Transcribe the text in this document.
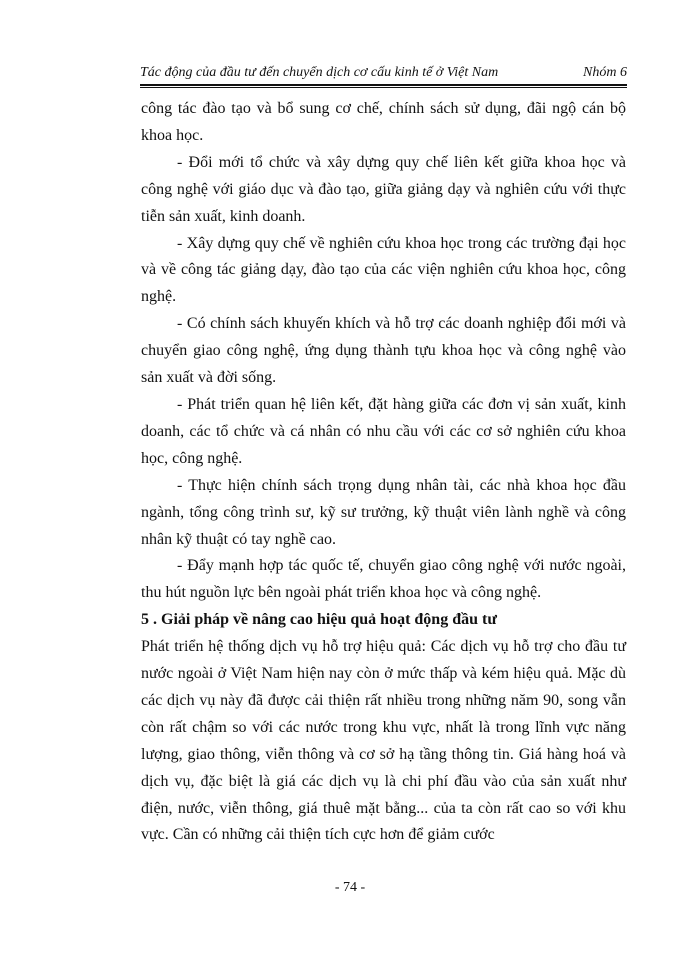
Tác động của đầu tư đến chuyển dịch cơ cấu kinh tế ở Việt Nam	Nhóm 6

công tác đào tạo và bổ sung cơ chế, chính sách sử dụng, đãi ngộ cán bộ khoa học.

- Đổi mới tổ chức và xây dựng quy chế liên kết giữa khoa học và công nghệ với giáo dục và đào tạo, giữa giảng dạy và nghiên cứu với thực tiễn sản xuất, kinh doanh.

- Xây dựng quy chế về nghiên cứu khoa học trong các trường đại học và về công tác giảng dạy, đào tạo của các viện nghiên cứu khoa học, công nghệ.

- Có chính sách khuyến khích và hỗ trợ các doanh nghiệp đổi mới và chuyển giao công nghệ, ứng dụng thành tựu khoa học và công nghệ vào sản xuất và đời sống.

- Phát triển quan hệ liên kết, đặt hàng giữa các đơn vị sản xuất, kinh doanh, các tổ chức và cá nhân có nhu cầu với các cơ sở nghiên cứu khoa học, công nghệ.

- Thực hiện chính sách trọng dụng nhân tài, các nhà khoa học đầu ngành, tổng công trình sư, kỹ sư trưởng, kỹ thuật viên lành nghề và công nhân kỹ thuật có tay nghề cao.

- Đẩy mạnh hợp tác quốc tế, chuyển giao công nghệ với nước ngoài, thu hút nguồn lực bên ngoài phát triển khoa học và công nghệ.

5 . Giải pháp về nâng cao hiệu quả hoạt động đầu tư

Phát triển hệ thống dịch vụ hỗ trợ hiệu quả: Các dịch vụ hỗ trợ cho đầu tư nước ngoài ở Việt Nam hiện nay còn ở mức thấp và kém hiệu quả. Mặc dù các dịch vụ này đã được cải thiện rất nhiều trong những năm 90, song vẫn còn rất chậm so với các nước trong khu vực, nhất là trong lĩnh vực năng lượng, giao thông, viễn thông và cơ sở hạ tầng thông tin. Giá hàng hoá và dịch vụ, đặc biệt là giá các dịch vụ là chi phí đầu vào của sản xuất như điện, nước, viễn thông, giá thuê mặt bằng... của ta còn rất cao so với khu vực. Cần có những cải thiện tích cực hơn để giảm cước

- 74 -
